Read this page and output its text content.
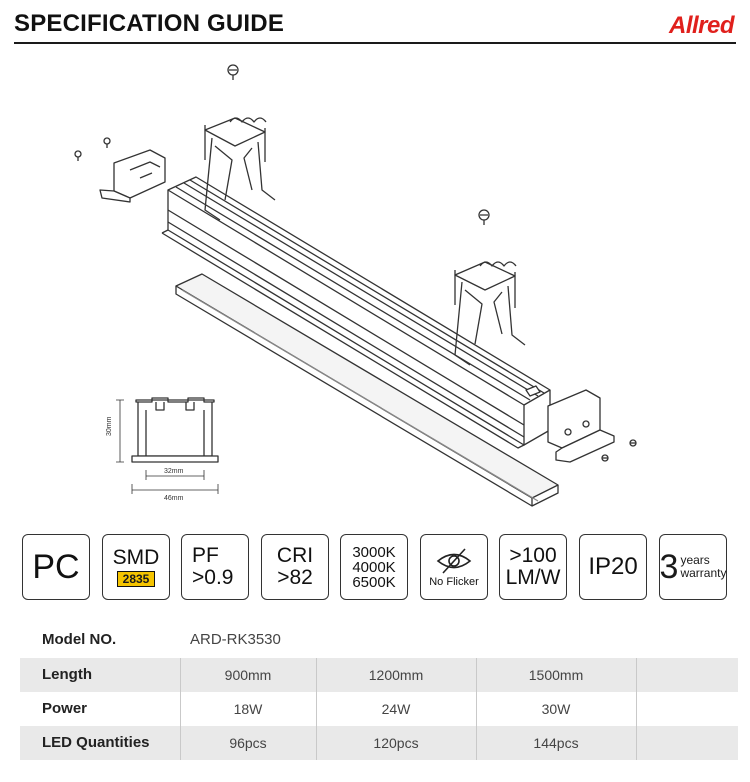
SPECIFICATION GUIDE	Allred
30mm
32mm
46mm
PC SMD
2835
PF
>0.9
CRI
>82
3000K
4000K
6500K	No Flicker
>100
LM/W IP20 3 years
warranty
Model NO.	ARD-RK3530
Length	900mm	1200mm	1500mm
Power	18W	24W	30W
LED Quantities	96pcs	120pcs	144pcs
